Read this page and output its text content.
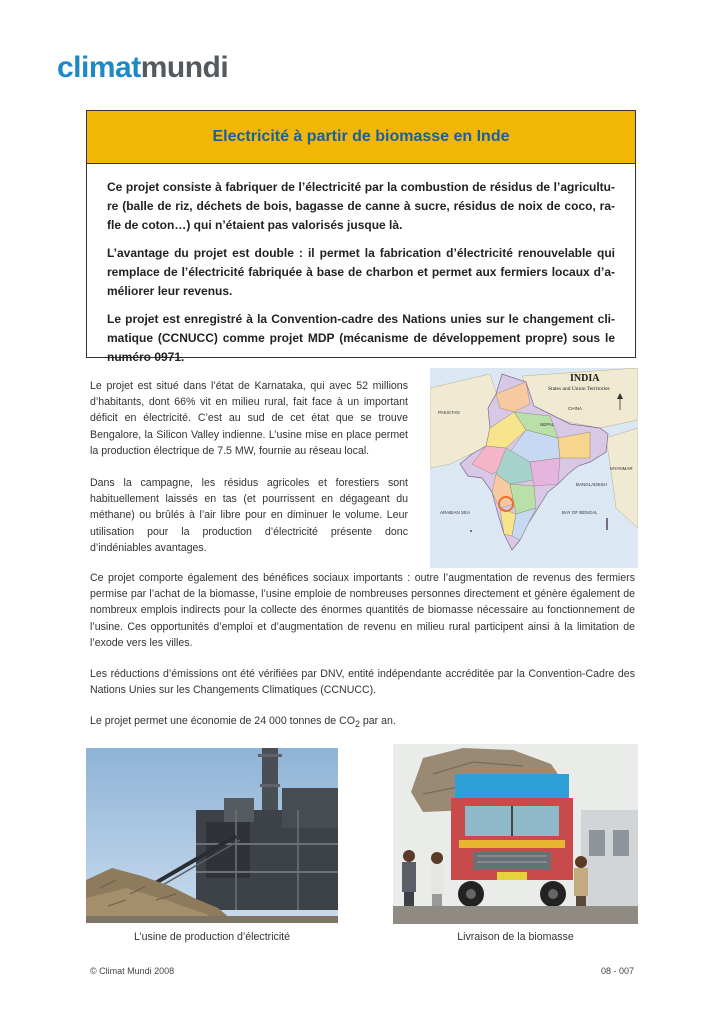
climatmundi
Electricité à partir de biomasse en Inde

Ce projet consiste à fabriquer de l’électricité par la combustion de résidus de l’agricultu-re (balle de riz, déchets de bois, bagasse de canne à sucre, résidus de noix de coco, ra-fle de coton…) qui n’étaient pas valorisés jusque là.

L’avantage du projet est double : il permet la fabrication d’électricité renouvelable qui remplace de l’électricité fabriquée à base de charbon et permet aux fermiers locaux d’a-méliorer leur revenus.

Le projet est enregistré à la Convention-cadre des Nations unies sur le changement cli-matique (CCNUCC) comme projet MDP (mécanisme de développement propre) sous le numéro 0971.

Le projet est situé dans l’état de Karnataka, qui avec 52 millions d’habitants, dont 66% vit en milieu rural, fait face à un important déficit en électricité. C’est au sud de cet état que se trouve Bengalore, la Silicon Valley indienne. L’usine mise en place permet la production électrique de 7.5 MW, fournie au réseau local.

Dans la campagne, les résidus agricoles et forestiers sont habituellement laissés en tas (et pourrissent en dégageant du méthane) ou brûlés à l’air libre pour en diminuer le volume. Leur utilisation pour la production d’électricité présente donc d’indéniables avantages.

INDIA
States and Union Territories
PAKISTAN
CHINA
NEPAL
BANGLADESH
MYANMAR
ARABIAN SEA	BAY OF BENGAL

Ce projet comporte également des bénéfices sociaux importants : outre l’augmentation de revenus des fermiers permise par l’achat de la biomasse, l’usine emploie de nombreuses personnes directement et génère également de nombreux emplois indirects pour la collecte des énormes quantités de biomasse nécessaire au fonctionnement de l’usine. Ces opportunités d’emploi et d’augmentation de revenu en milieu rural participent ainsi à la limitation de l’exode vers les villes.

Les réductions d’émissions ont été vérifiées par DNV, entité indépendante accréditée par la Convention-Cadre des Nations Unies sur les Changements Climatiques (CCNUCC).

Le projet permet une économie de 24 000 tonnes de $CO_2$ par an.

L’usine de production d’électricité	Livraison de la biomasse
© Climat Mundi 2008	08 - 007
